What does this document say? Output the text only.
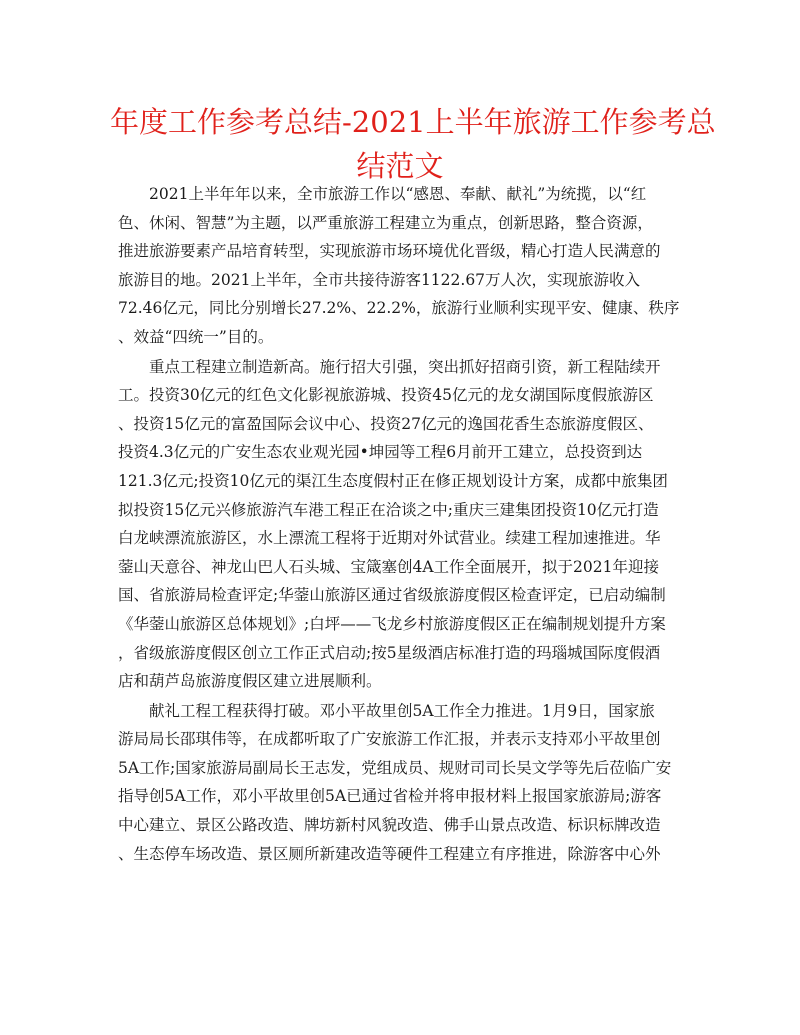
年度工作参考总结-2021上半年旅游工作参考总
结范文
2021上半年年以来，全市旅游工作以“感恩、奉献、献礼”为统揽，以“红
色、休闲、智慧”为主题，以严重旅游工程建立为重点，创新思路，整合资源，
推进旅游要素产品培育转型，实现旅游市场环境优化晋级，精心打造人民满意的
旅游目的地。2021上半年，全市共接待游客1122.67万人次，实现旅游收入
72.46亿元，同比分别增长27.2%、22.2%，旅游行业顺利实现平安、健康、秩序
、效益“四统一”目的。
重点工程建立制造新高。施行招大引强，突出抓好招商引资，新工程陆续开
工。投资30亿元的红色文化影视旅游城、投资45亿元的龙女湖国际度假旅游区
、投资15亿元的富盈国际会议中心、投资27亿元的逸国花香生态旅游度假区、
投资4.3亿元的广安生态农业观光园•坤园等工程6月前开工建立，总投资到达
121.3亿元;投资10亿元的渠江生态度假村正在修正规划设计方案，成都中旅集团
拟投资15亿元兴修旅游汽车港工程正在洽谈之中;重庆三建集团投资10亿元打造
白龙峡漂流旅游区，水上漂流工程将于近期对外试营业。续建工程加速推进。华
蓥山天意谷、神龙山巴人石头城、宝箴塞创4A工作全面展开，拟于2021年迎接
国、省旅游局检查评定;华蓥山旅游区通过省级旅游度假区检查评定，已启动编制
《华蓥山旅游区总体规划》;白坪——飞龙乡村旅游度假区正在编制规划提升方案
，省级旅游度假区创立工作正式启动;按5星级酒店标准打造的玛瑙城国际度假酒
店和葫芦岛旅游度假区建立进展顺利。
献礼工程工程获得打破。邓小平故里创5A工作全力推进。1月9日，国家旅
游局局长邵琪伟等，在成都听取了广安旅游工作汇报，并表示支持邓小平故里创
5A工作;国家旅游局副局长王志发，党组成员、规财司司长吴文学等先后莅临广安
指导创5A工作，邓小平故里创5A已通过省检并将申报材料上报国家旅游局;游客
中心建立、景区公路改造、牌坊新村风貌改造、佛手山景点改造、标识标牌改造
、生态停车场改造、景区厕所新建改造等硬件工程建立有序推进，除游客中心外
